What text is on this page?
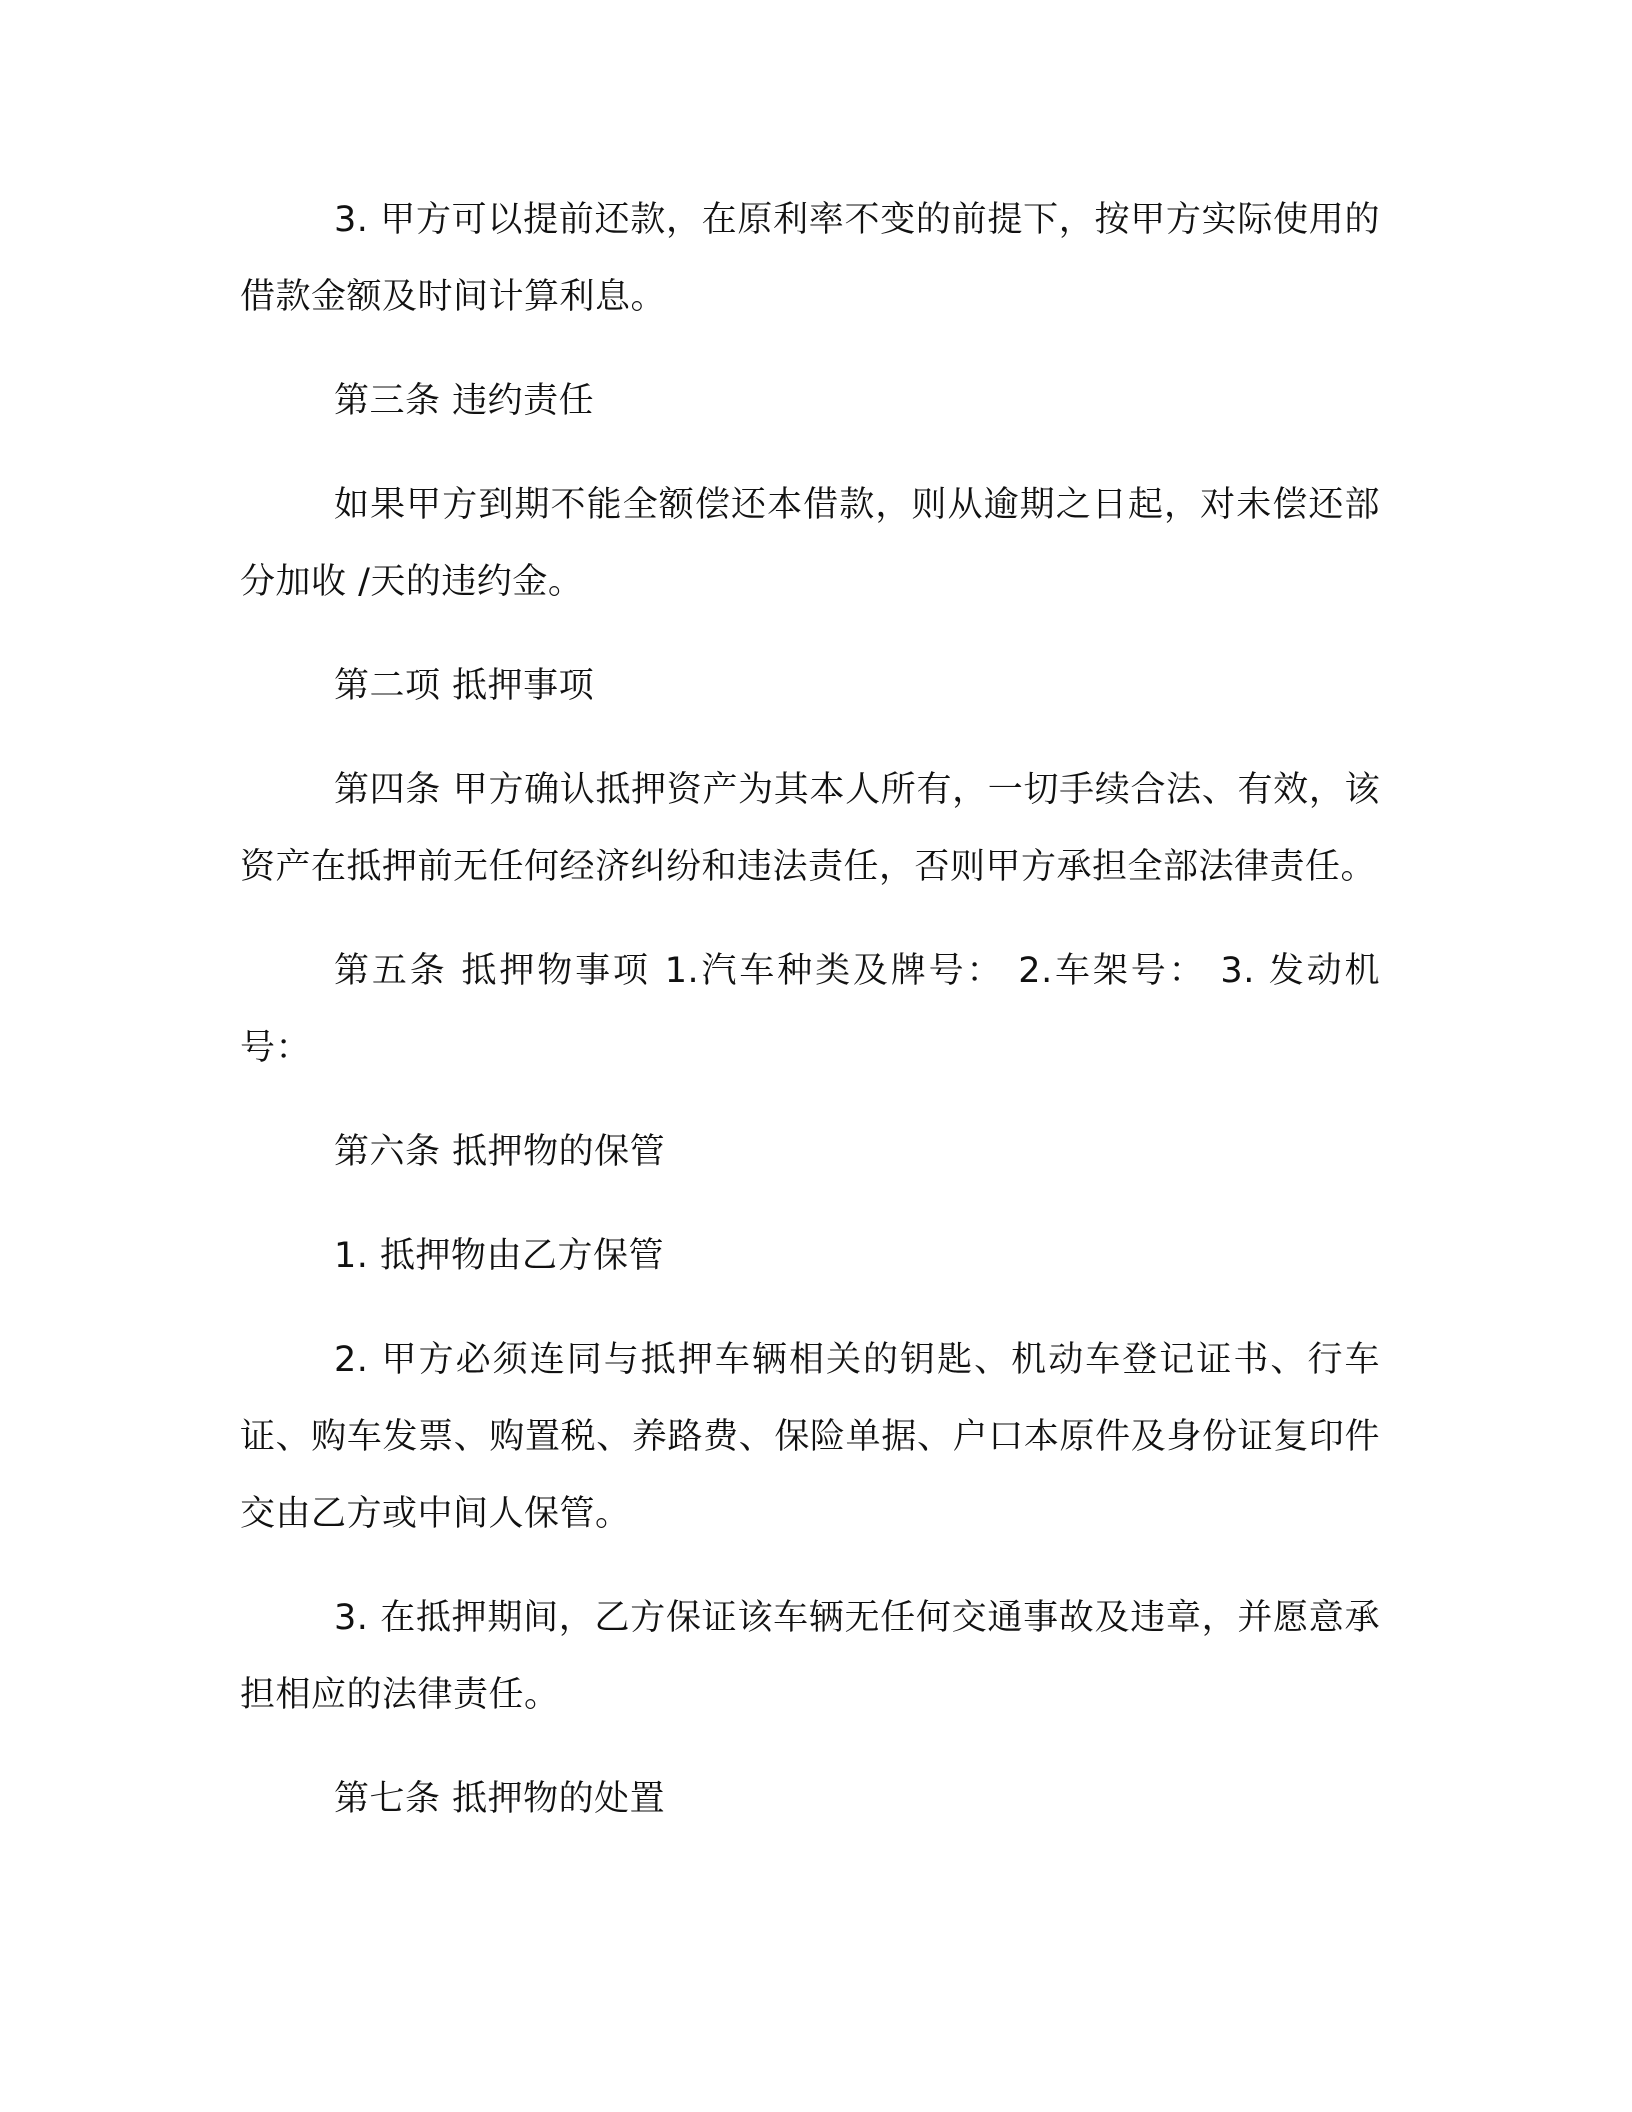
3. 甲方可以提前还款，在原利率不变的前提下，按甲方实际使用的借款金额及时间计算利息。

第三条 违约责任

如果甲方到期不能全额偿还本借款，则从逾期之日起，对未偿还部分加收 /天的违约金。

第二项 抵押事项

第四条 甲方确认抵押资产为其本人所有，一切手续合法、有效，该资产在抵押前无任何经济纠纷和违法责任，否则甲方承担全部法律责任。

第五条 抵押物事项 1.汽车种类及牌号： 2.车架号： 3. 发动机号：

第六条 抵押物的保管

1. 抵押物由乙方保管

2. 甲方必须连同与抵押车辆相关的钥匙、机动车登记证书、行车证、购车发票、购置税、养路费、保险单据、户口本原件及身份证复印件交由乙方或中间人保管。

3. 在抵押期间，乙方保证该车辆无任何交通事故及违章，并愿意承担相应的法律责任。

第七条 抵押物的处置
